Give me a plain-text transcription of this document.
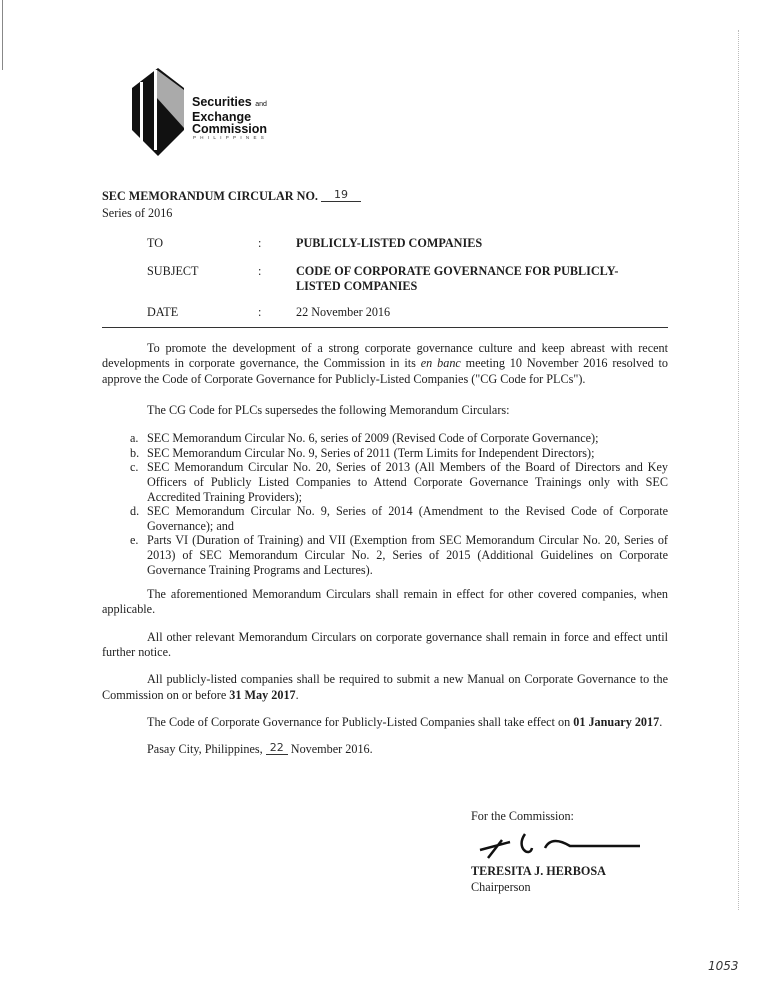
Securities and
Exchange
Commission
PHILIPPINES
SEC MEMORANDUM CIRCULAR NO. 19
Series of 2016
TO	:	PUBLICLY-LISTED COMPANIES
SUBJECT	:	CODE OF CORPORATE GOVERNANCE FOR PUBLICLY-LISTED COMPANIES
DATE	:	22 November 2016
To promote the development of a strong corporate governance culture and keep abreast with recent developments in corporate governance, the Commission in its en banc meeting 10 November 2016 resolved to approve the Code of Corporate Governance for Publicly-Listed Companies ("CG Code for PLCs").
The CG Code for PLCs supersedes the following Memorandum Circulars:
a. SEC Memorandum Circular No. 6, series of 2009 (Revised Code of Corporate Governance);
b. SEC Memorandum Circular No. 9, Series of 2011 (Term Limits for Independent Directors);
c. SEC Memorandum Circular No. 20, Series of 2013 (All Members of the Board of Directors and Key Officers of Publicly Listed Companies to Attend Corporate Governance Trainings only with SEC Accredited Training Providers);
d. SEC Memorandum Circular No. 9, Series of 2014 (Amendment to the Revised Code of Corporate Governance); and
e. Parts VI (Duration of Training) and VII (Exemption from SEC Memorandum Circular No. 20, Series of 2013) of SEC Memorandum Circular No. 2, Series of 2015 (Additional Guidelines on Corporate Governance Training Programs and Lectures).
The aforementioned Memorandum Circulars shall remain in effect for other covered companies, when applicable.
All other relevant Memorandum Circulars on corporate governance shall remain in force and effect until further notice.
All publicly-listed companies shall be required to submit a new Manual on Corporate Governance to the Commission on or before 31 May 2017.
The Code of Corporate Governance for Publicly-Listed Companies shall take effect on 01 January 2017.
Pasay City, Philippines, 22 November 2016.
For the Commission:
TERESITA J. HERBOSA
Chairperson
1053
